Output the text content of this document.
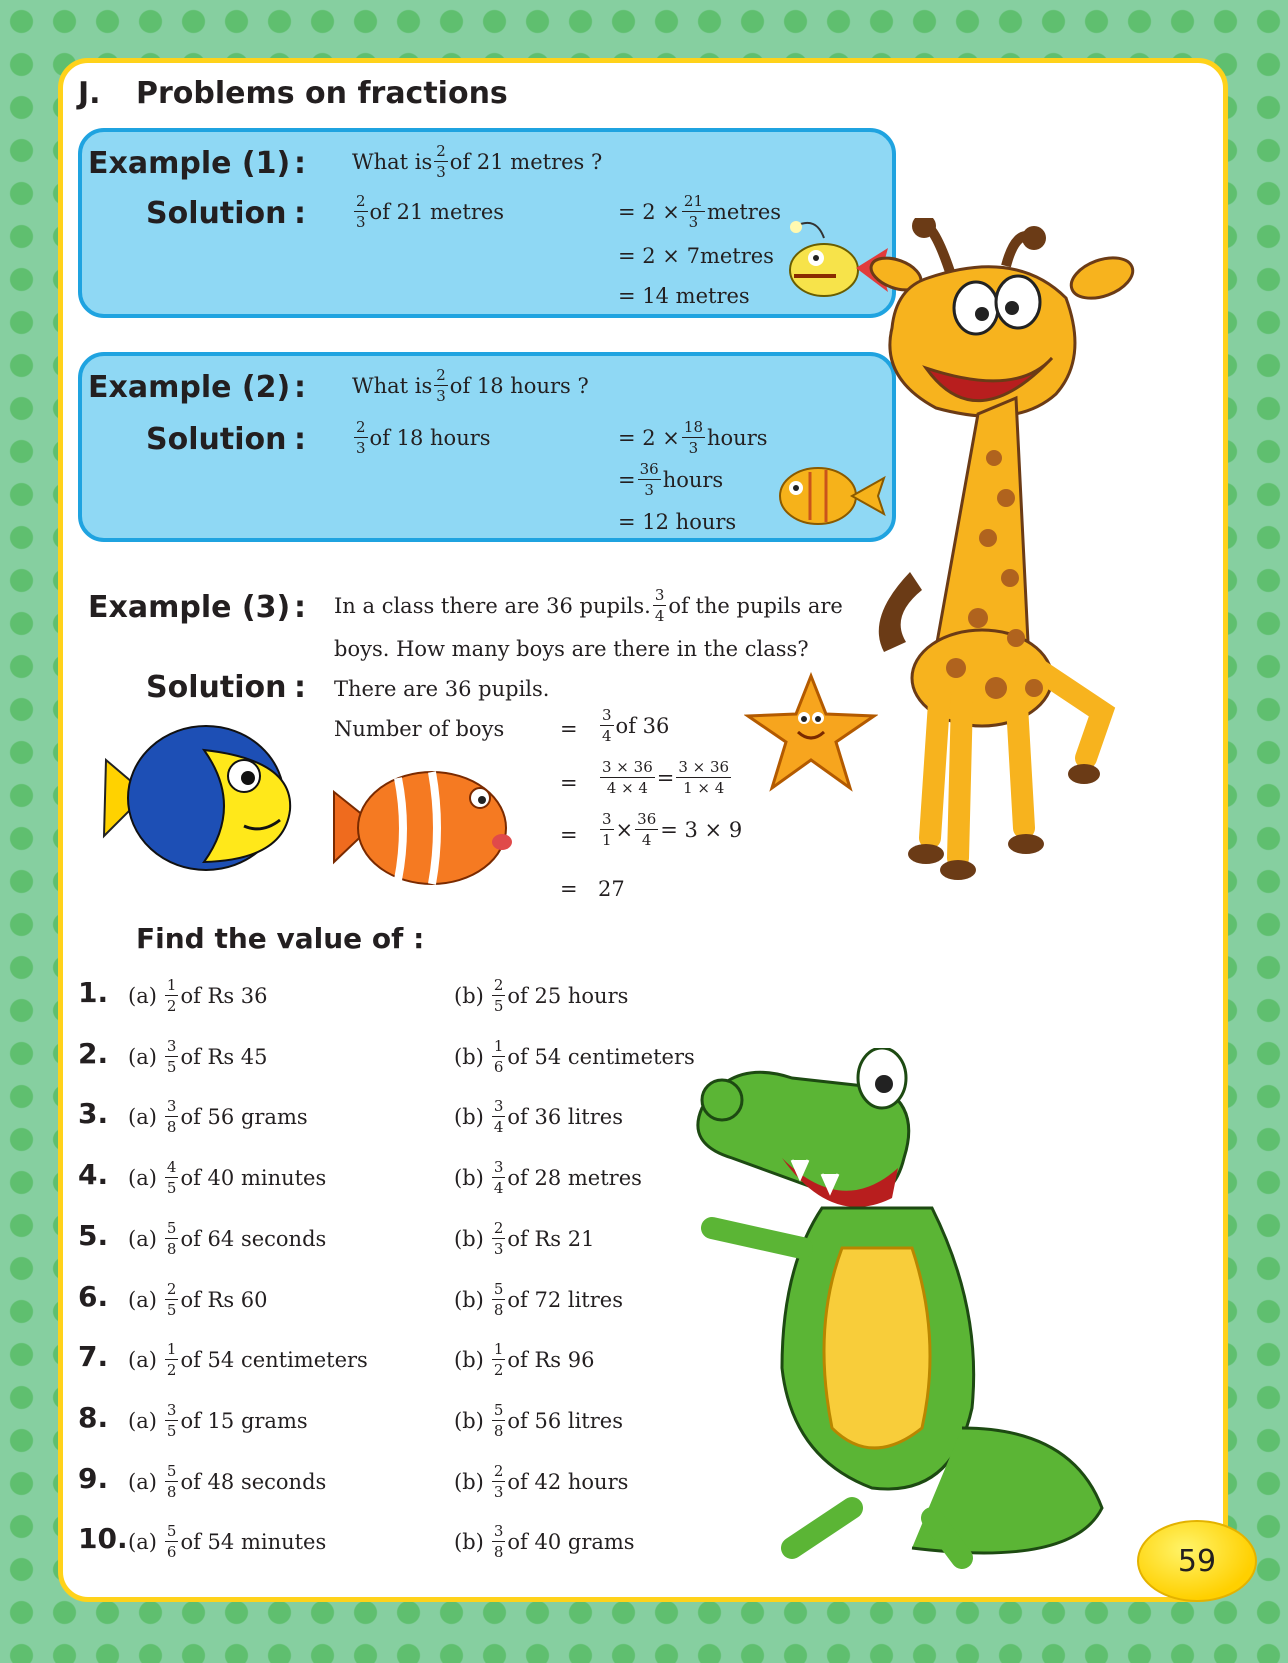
J. Problems on fractions
Example (1) : What is $\frac{2}{3}$ of 21 metres ?
Solution :	$\frac{2}{3}$ of 21 metres	= $2 \times \frac{21}{3}$ metres
= 2 × 7metres
= 14 metres
Example (2) : What is $\frac{2}{3}$ of 18 hours ?
Solution :	$\frac{2}{3}$ of 18 hours	= $2 \times \frac{18}{3}$ hours
= $\frac{36}{3}$ hours
= 12 hours
Example (3) : In a class there are 36 pupils. $\frac{3}{4}$ of the pupils are
boys. How many boys are there in the class?
Solution : There are 36 pupils.
Number of boys	= $\frac{3}{4}$ of 36
= $\frac{3 \times 36}{4 \times 4} = \frac{3 \times 36}{1 \times 4}$
= $\frac{3}{1} \times \frac{36}{4} = 3 \times 9$
= 27
Find the value of :
1. $(a) \frac{1}{2}$ of Rs 36	$(b) \frac{2}{5}$ of 25 hours
2. $(a) \frac{3}{5}$ of Rs 45	$(b) \frac{1}{6}$ of 54 centimeters
3. $(a) \frac{3}{8}$ of 56 grams	$(b) \frac{3}{4}$ of 36 litres
4. $(a) \frac{4}{5}$ of 40 minutes	$(b) \frac{3}{4}$ of 28 metres
5. $(a) \frac{5}{8}$ of 64 seconds	$(b) \frac{2}{3}$ of Rs 21
6. $(a) \frac{2}{5}$ of Rs 60	$(b) \frac{5}{8}$ of 72 litres
7. $(a) \frac{1}{2}$ of 54 centimeters	$(b) \frac{1}{2}$ of Rs 96
8. $(a) \frac{3}{5}$ of 15 grams	$(b) \frac{5}{8}$ of 56 litres
9. $(a) \frac{5}{8}$ of 48 seconds	$(b) \frac{2}{3}$ of 42 hours
10. $(a) \frac{5}{6}$ of 54 minutes	$(b) \frac{3}{8}$ of 40 grams
59
